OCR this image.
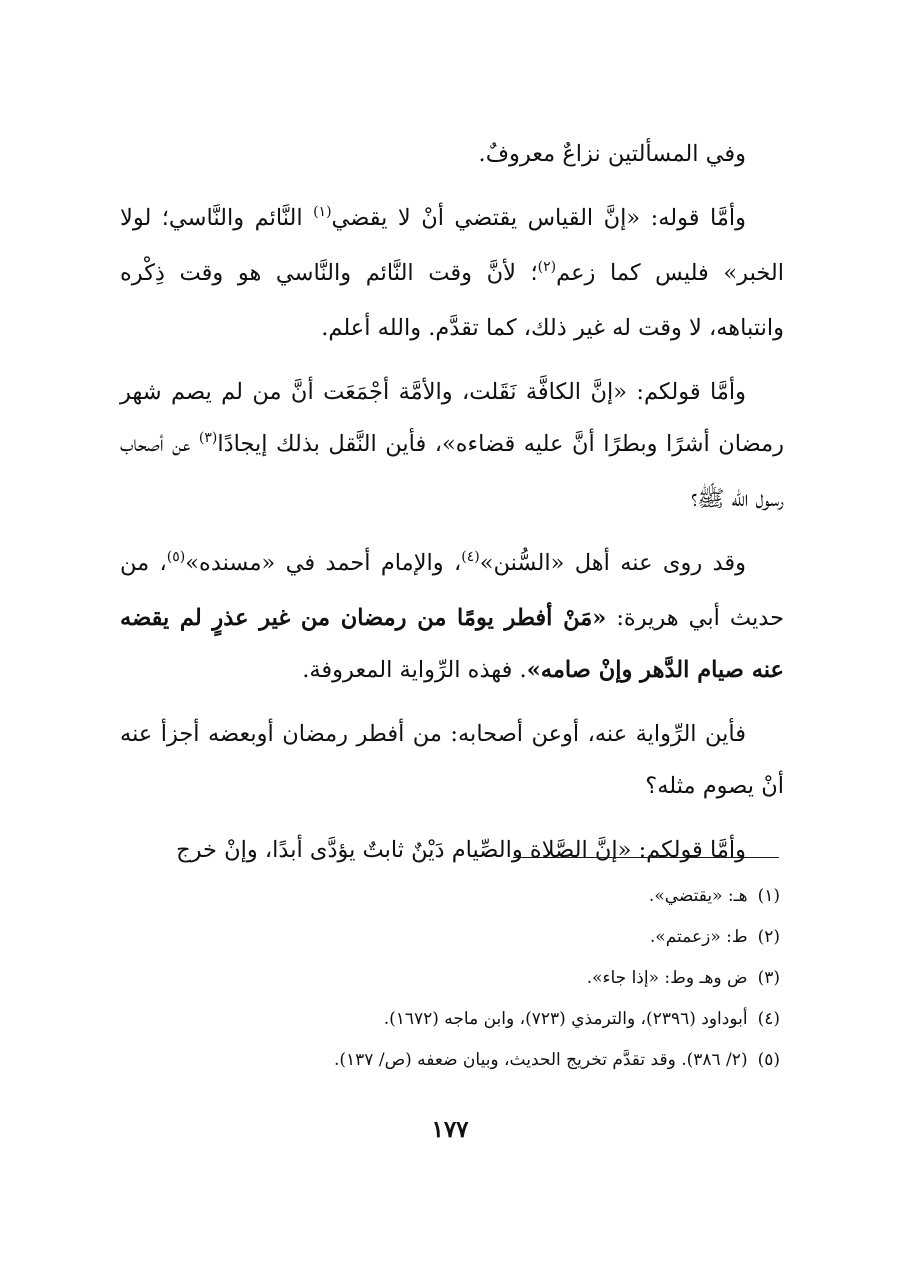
وفي المسألتين نزاعٌ معروفٌ.

وأمَّا قوله: «إنَّ القياس يقتضي أنْ لا يقضي$^{(١)}$ النَّائم والنَّاسي؛ لولا الخبر» فليس كما زعم$^{(٢)}$؛ لأنَّ وقت النَّائم والنَّاسي هو وقت ذِكْره وانتباهه، لا وقت له غير ذلك، كما تقدَّم. والله أعلم.

وأمَّا قولكم: «إنَّ الكافَّة نَقَلت، والأمَّة أجْمَعَت أنَّ من لم يصم شهر رمضان أشرًا وبطرًا أنَّ عليه قضاءه»، فأين النَّقل بذلك إيجادًا$^{(٣)}$ عن أصحاب رسول الله ﷺ؟

وقد روى عنه أهل «السُّنن»$^{(٤)}$، والإمام أحمد في «مسنده»$^{(٥)}$، من حديث أبي هريرة: «مَنْ أفطر يومًا من رمضان من غير عذرٍ لم يقضه عنه صيام الدَّهر وإنْ صامه». فهذه الرِّواية المعروفة.

فأين الرِّواية عنه، أوعن أصحابه: من أفطر رمضان أوبعضه أجزأ عنه أنْ يصوم مثله؟

وأمَّا قولكم: «إنَّ الصَّلاة والصِّيام دَيْنٌ ثابتٌ يؤدَّى أبدًا، وإنْ خرج

(١)هـ: «يقتضي».
(٢)ط: «زعمتم».
(٣)ض وهـ وط: «إذا جاء».
(٤)أبوداود (٢٣٩٦)، والترمذي (٧٢٣)، وابن ماجه (١٦٧٢).
(٥)(٢/ ٣٨٦). وقد تقدَّم تخريج الحديث، وبيان ضعفه (ص/ ١٣٧).
١٧٧
